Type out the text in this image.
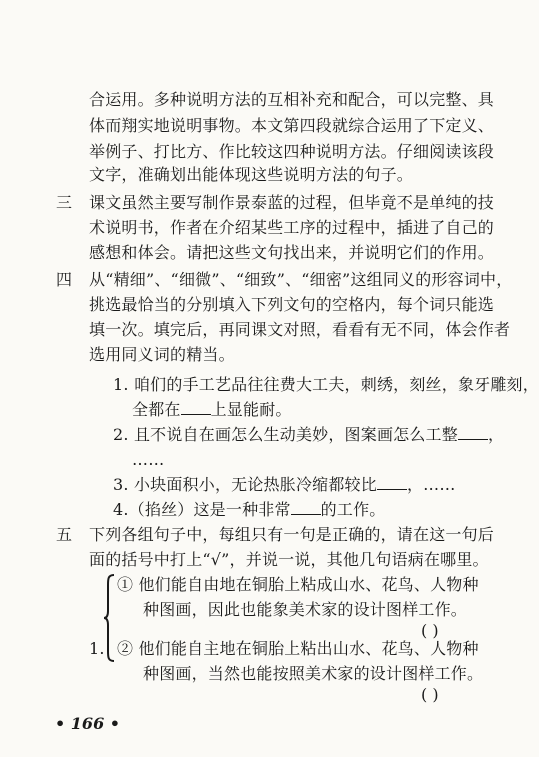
合运用。多种说明方法的互相补充和配合，可以完整、具
体而翔实地说明事物。本文第四段就综合运用了下定义、
举例子、打比方、作比较这四种说明方法。仔细阅读该段
文字，准确划出能体现这些说明方法的句子。
三 课文虽然主要写制作景泰蓝的过程，但毕竟不是单纯的技
术说明书，作者在介绍某些工序的过程中，插进了自己的
感想和体会。请把这些文句找出来，并说明它们的作用。
四 从“精细”、“细微”、“细致”、“细密”这组同义的形容词中，
挑选最恰当的分别填入下列文句的空格内，每个词只能选
填一次。填完后，再同课文对照，看看有无不同，体会作者
选用同义词的精当。
1. 咱们的手工艺品往往费大工夫，刺绣，刻丝，象牙雕刻，
全都在 上显能耐。
2. 且不说自在画怎么生动美妙，图案画怎么工整 ，
……
3. 小块面积小，无论热胀冷缩都较比 ，……
4.（掐丝）这是一种非常 的工作。
五 下列各组句子中，每组只有一句是正确的，请在这一句后
面的括号中打上“√”，并说一说，其他几句语病在哪里。
① 他们能自由地在铜胎上粘成山水、花鸟、人物种
种图画，因此也能象美术家的设计图样工作。
( )
1. ② 他们能自主地在铜胎上粘出山水、花鸟、人物种
种图画，当然也能按照美术家的设计图样工作。
( )
• 166 •
